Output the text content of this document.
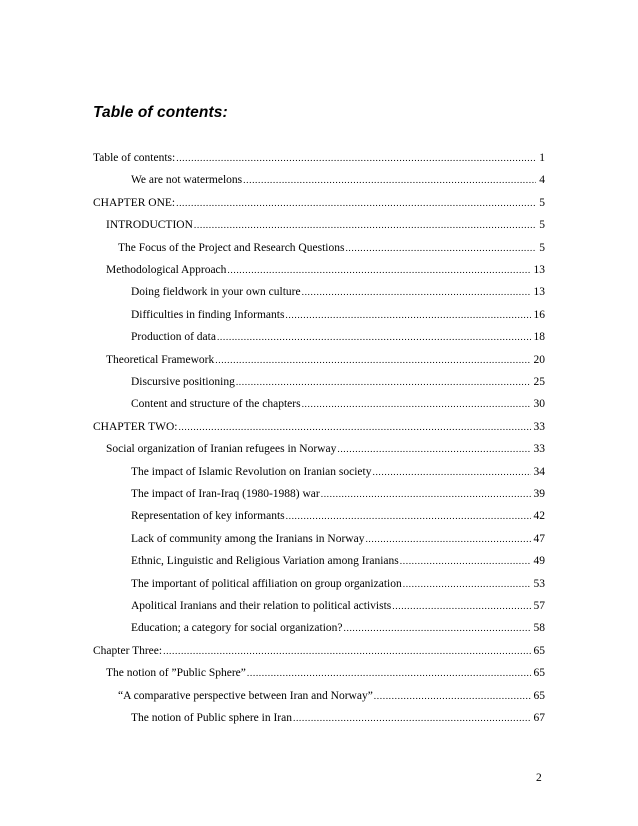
Table of contents:
Table of contents: .....	1
We are not watermelons .....	4
CHAPTER ONE: .....	5
INTRODUCTION .....	5
The Focus of the Project and Research Questions .....	5
Methodological Approach .....	13
Doing fieldwork in your own culture .....	13
Difficulties in finding Informants .....	16
Production of data .....	18
Theoretical Framework .....	20
Discursive positioning .....	25
Content and structure of the chapters .....	30
CHAPTER TWO: .....	33
Social organization of Iranian refugees in Norway .....	33
The impact of Islamic Revolution on Iranian society .....	34
The impact of Iran-Iraq (1980-1988) war .....	39
Representation of key informants .....	42
Lack of community among the Iranians in Norway .....	47
Ethnic, Linguistic and Religious Variation among Iranians .....	49
The important of political affiliation on group organization .....	53
Apolitical Iranians and their relation to political activists .....	57
Education; a category for social organization? .....	58
Chapter Three: .....	65
The notion of ”Public Sphere” .....	65
“A comparative perspective between Iran and Norway” .....	65
The notion of Public sphere in Iran .....	67
2
